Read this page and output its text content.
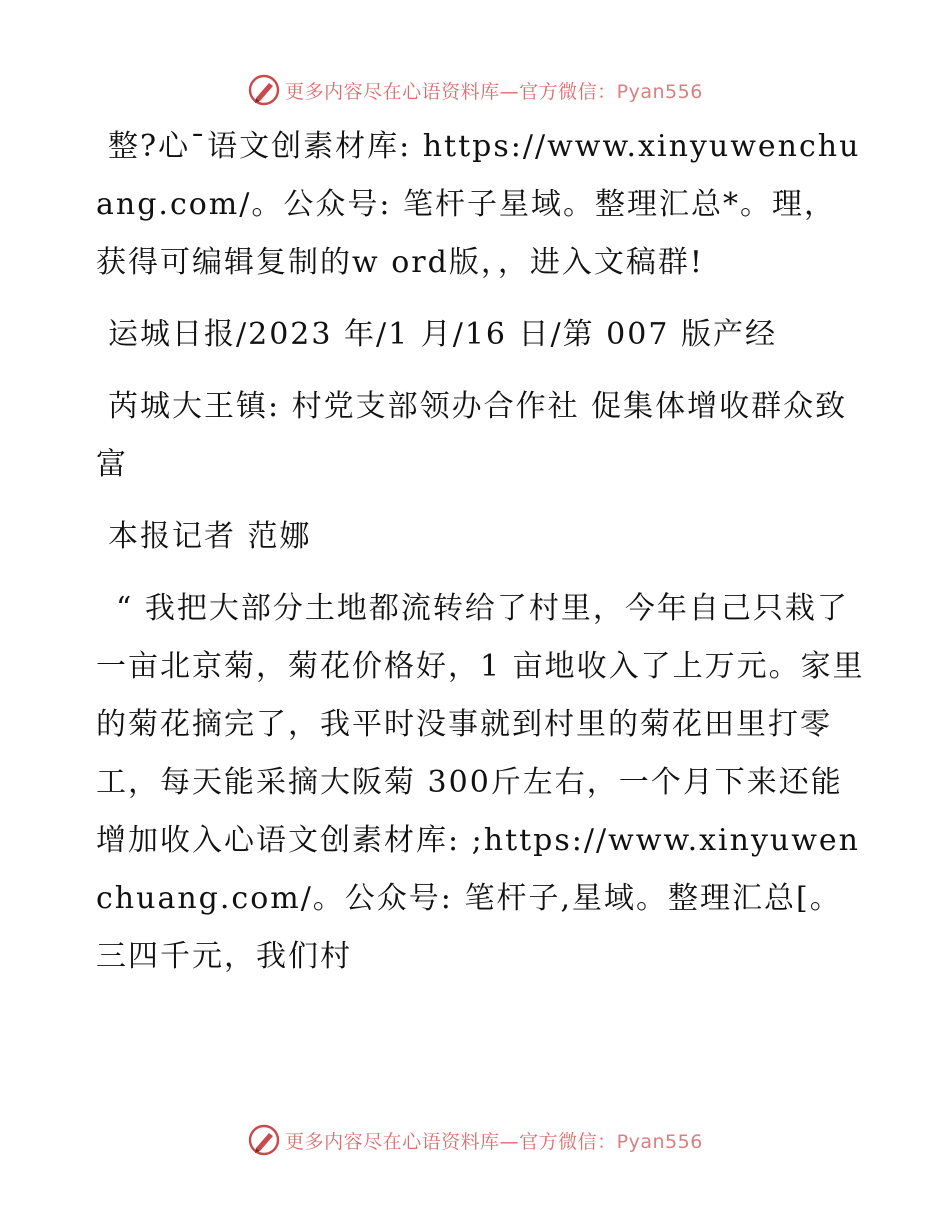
更多内容尽在心语资料库—官方微信：Pyan556

整?心¯语文创素材库: https://www.xinyuwenchuang.com/。公众号: 笔杆子星域。整理汇总*。理，获得可编辑复制的w ord版，，进入文稿群!

运城日报/2023 年/1 月/16 日/第 007 版产经

芮城大王镇: 村党支部领办合作社 促集体增收群众致富

本报记者 范娜

“ 我把大部分土地都流转给了村里，今年自己只栽了一亩北京菊，菊花价格好，1 亩地收入了上万元。家里的菊花摘完了，我平时没事就到村里的菊花田里打零工，每天能采摘大阪菊 300斤左右，一个月下来还能增加收入心语文创素材库: ;https://www.xinyuwenchuang.com/。公众号: 笔杆子,星域。整理汇总[。三四千元，我们村

更多内容尽在心语资料库—官方微信：Pyan556
